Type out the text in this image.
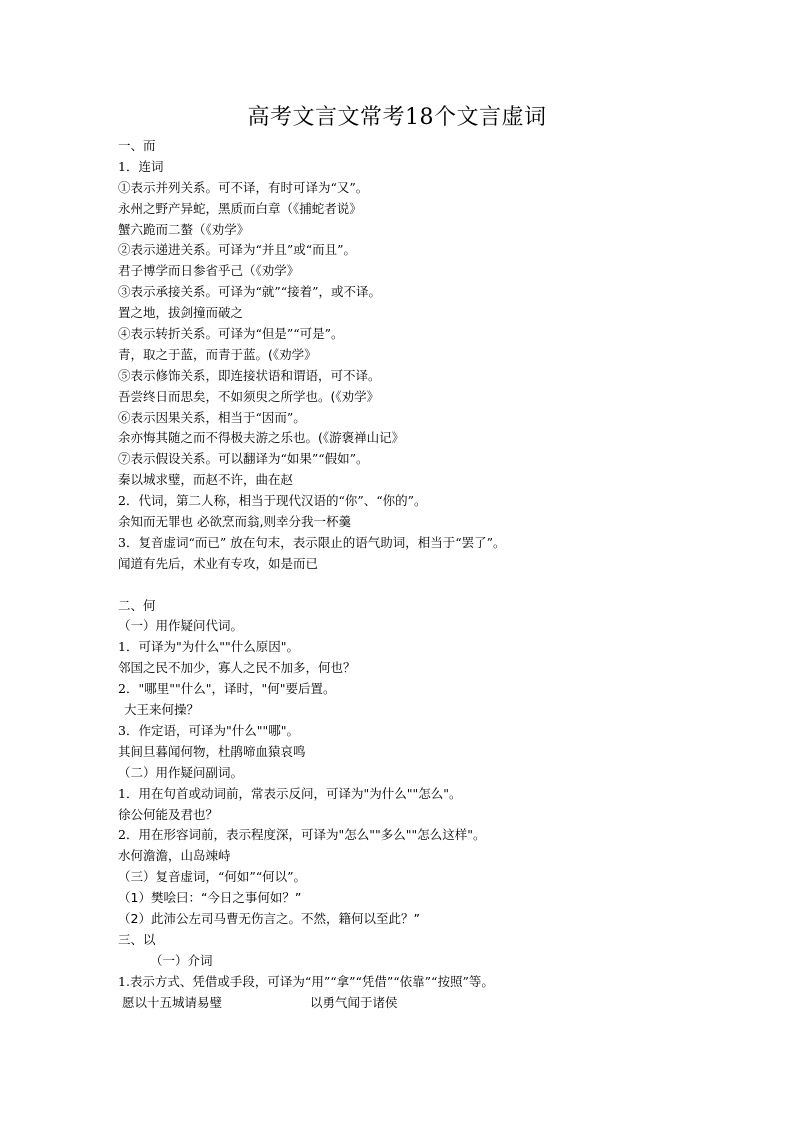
高考文言文常考18个文言虚词
一、而
1．连词
①表示并列关系。可不译，有时可译为“又”。
永州之野产异蛇，黑质而白章（《捕蛇者说》
蟹六跪而二螯（《劝学》
②表示递进关系。可译为“并且”或“而且”。
君子博学而日参省乎己（《劝学》
③表示承接关系。可译为“就”“接着”，或不译。
置之地，拔剑撞而破之
④表示转折关系。可译为“但是”“可是”。
青，取之于蓝，而青于蓝。(《劝学》
⑤表示修饰关系，即连接状语和谓语，可不译。
吾尝终日而思矣，不如须臾之所学也。(《劝学》
⑥表示因果关系，相当于“因而”。
余亦悔其随之而不得极夫游之乐也。(《游褒禅山记》
⑦表示假设关系。可以翻译为“如果”“假如”。
秦以城求璧，而赵不许，曲在赵
2．代词，第二人称，相当于现代汉语的“你”、“你的”。
余知而无罪也 必欲烹而翁,则幸分我一杯羹
3．复音虚词“而已” 放在句末，表示限止的语气助词，相当于“罢了”。
闻道有先后，术业有专攻，如是而已
二、何
（一）用作疑问代词。
1．可译为"为什么""什么原因"。
邻国之民不加少，寡人之民不加多，何也？
2．"哪里""什么"，译时，"何"要后置。
大王来何操？
3．作定语，可译为"什么""哪"。
其间旦暮闻何物，杜鹃啼血猿哀鸣
（二）用作疑问副词。
1．用在句首或动词前，常表示反问，可译为"为什么""怎么"。
徐公何能及君也？
2．用在形容词前，表示程度深，可译为"怎么""多么""怎么这样"。
水何澹澹，山岛竦峙
（三）复音虚词，“何如”“何以”。
（1）樊哙曰：“今日之事何如？”
（2）此沛公左司马曹无伤言之。不然，籍何以至此？”
三、以
（一）介词
1.表示方式、凭借或手段，可译为“用”“拿”“凭借”“依靠”“按照”等。
愿以十五城请易璧	以勇气闻于诸侯
